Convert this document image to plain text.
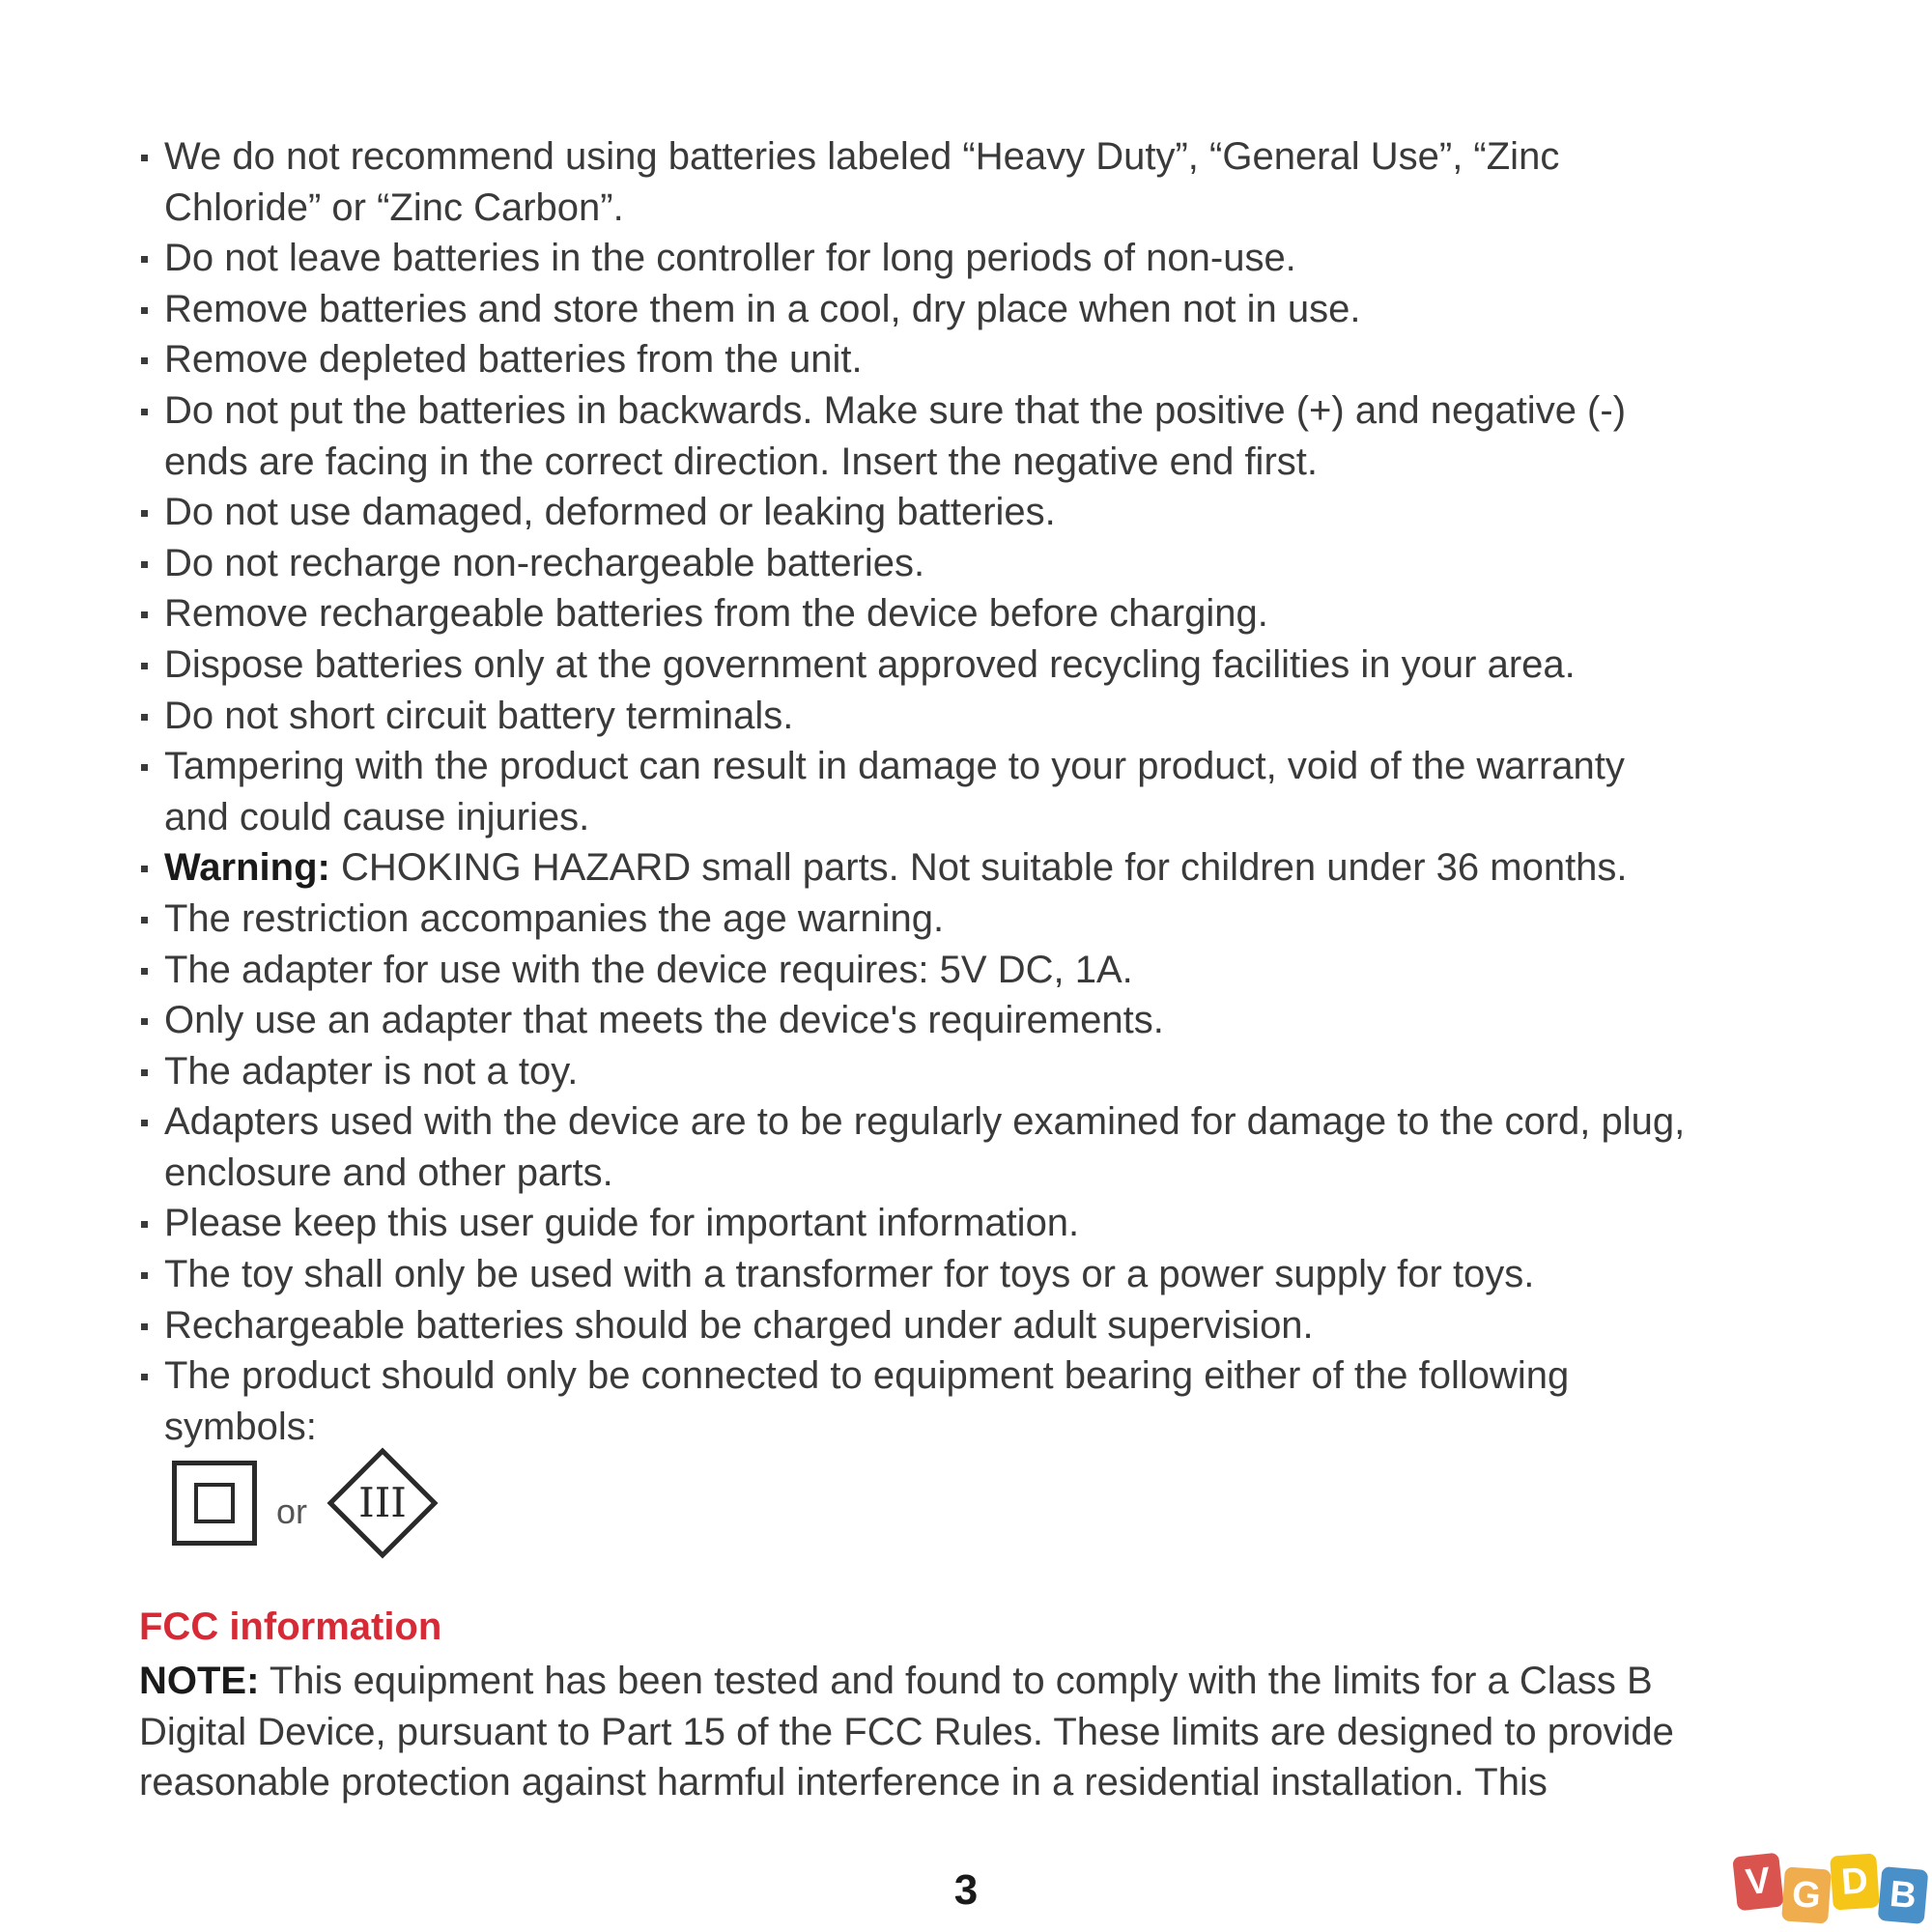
We do not recommend using batteries labeled “Heavy Duty”, “General Use”, “Zinc
Chloride” or “Zinc Carbon”.
Do not leave batteries in the controller for long periods of non-use.
Remove batteries and store them in a cool, dry place when not in use.
Remove depleted batteries from the unit.
Do not put the batteries in backwards. Make sure that the positive (+) and negative (-)
ends are facing in the correct direction. Insert the negative end first.
Do not use damaged, deformed or leaking batteries.
Do not recharge non-rechargeable batteries.
Remove rechargeable batteries from the device before charging.
Dispose batteries only at the government approved recycling facilities in your area.
Do not short circuit battery terminals.
Tampering with the product can result in damage to your product, void of the warranty
and could cause injuries.
Warning: CHOKING HAZARD small parts. Not suitable for children under 36 months.
The restriction accompanies the age warning.
The adapter for use with the device requires: 5V DC, 1A.
Only use an adapter that meets the device's requirements.
The adapter is not a toy.
Adapters used with the device are to be regularly examined for damage to the cord, plug,
enclosure and other parts.
Please keep this user guide for important information.
The toy shall only be used with a transformer for toys or a power supply for toys.
Rechargeable batteries should be charged under adult supervision.
The product should only be connected to equipment bearing either of the following
symbols:
or III
FCC information
NOTE: This equipment has been tested and found to comply with the limits for a Class B
Digital Device, pursuant to Part 15 of the FCC Rules. These limits are designed to provide
reasonable protection against harmful interference in a residential installation. This
3	V G D B
